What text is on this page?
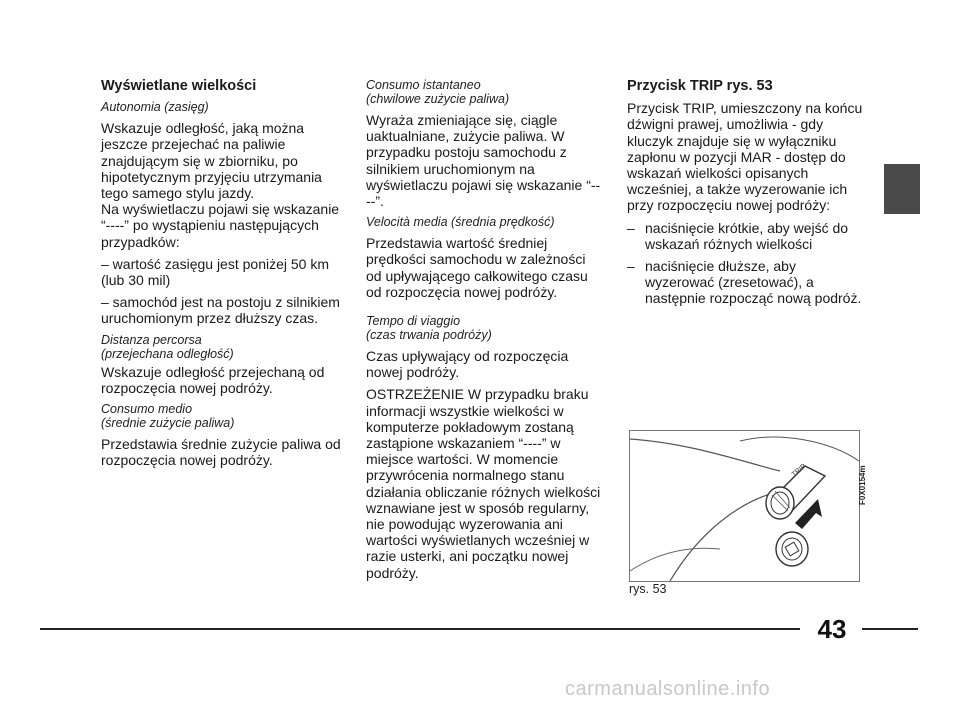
Wyświetlane wielkości

Autonomia (zasięg)

Wskazuje odległość, jaką można jeszcze przejechać na paliwie znajdującym się w zbiorniku, po hipotetycznym przyjęciu utrzymania tego samego stylu jazdy.

Na wyświetlaczu pojawi się wskazanie “----” po wystąpieniu następujących przypadków:

– wartość zasięgu jest poniżej 50 km (lub 30 mil)

– samochód jest na postoju z silnikiem uruchomionym przez dłuższy czas.

Distanza percorsa
(przejechana odległość)

Wskazuje odległość przejechaną od rozpoczęcia nowej podróży.

Consumo medio
(średnie zużycie paliwa)

Przedstawia średnie zużycie paliwa od rozpoczęcia nowej podróży.

Consumo istantaneo
(chwilowe zużycie paliwa)

Wyraża zmieniające się, ciągle uaktualniane, zużycie paliwa. W przypadku postoju samochodu z silnikiem uruchomionym na wyświetlaczu pojawi się wskazanie “----”.

Velocità media (średnia prędkość)

Przedstawia wartość średniej prędkości samochodu w zależności od upływającego całkowitego czasu od rozpoczęcia nowej podróży.

Tempo di viaggio
(czas trwania podróży)

Czas upływający od rozpoczęcia nowej podróży.

OSTRZEŻENIE W przypadku braku informacji wszystkie wielkości w komputerze pokładowym zostaną zastąpione wskazaniem “----” w miejsce wartości. W momencie przywrócenia normalnego stanu działania obliczanie różnych wielkości wznawiane jest w sposób regularny, nie powodując wyzerowania ani wartości wyświetlanych wcześniej w razie usterki, ani początku nowej podróży.

Przycisk TRIP rys. 53

Przycisk TRIP, umieszczony na końcu dźwigni prawej, umożliwia - gdy kluczyk znajduje się w wyłączniku zapłonu w pozycji MAR - dostęp do wskazań wielkości opisanych wcześniej, a także wyzerowanie ich przy rozpoczęciu nowej podróży:

– naciśnięcie krótkie, aby wejść do wskazań różnych wielkości
– naciśnięcie dłuższe, aby wyzerować (zresetować), a następnie rozpocząć nową podróż.
TRIP	F0X0154m
rys. 53
43
carmanualsonline.info
